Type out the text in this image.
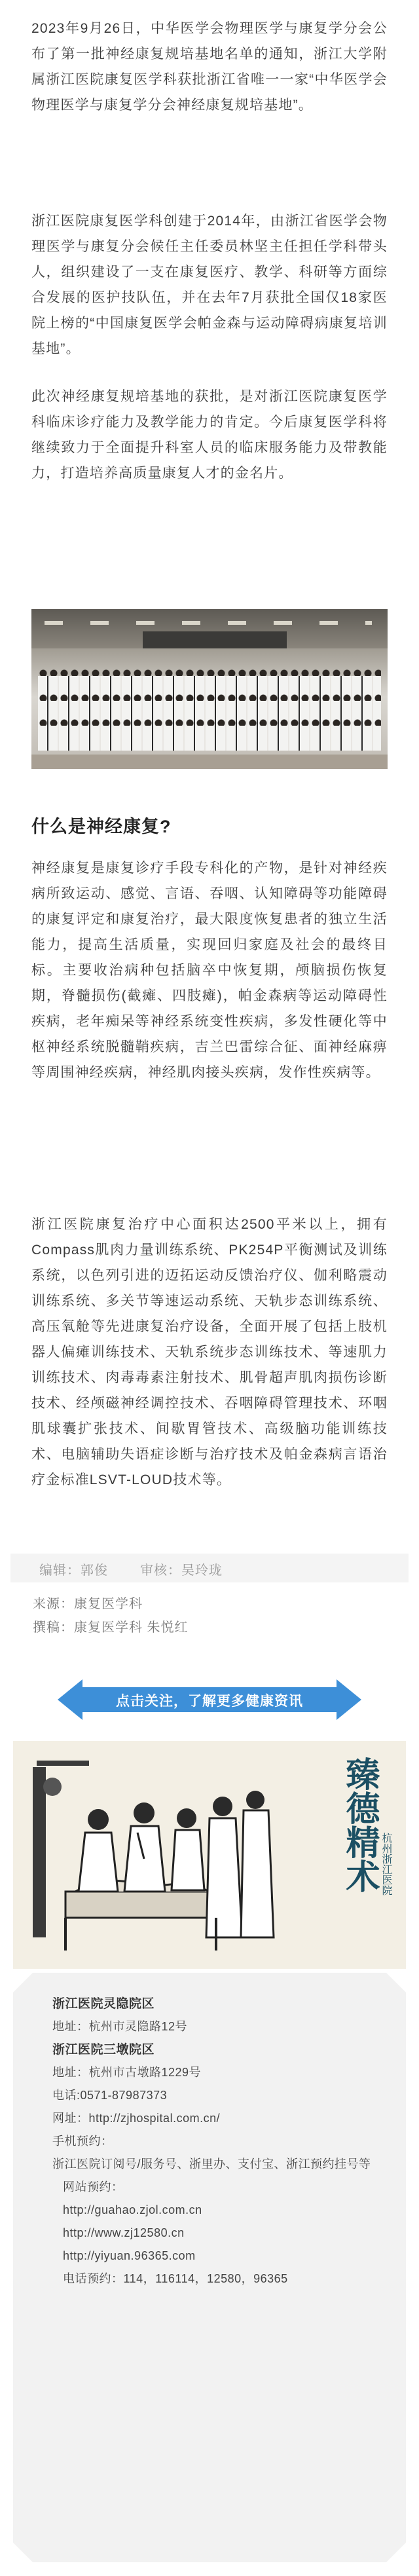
2023年9月26日，中华医学会物理医学与康复学分会公布了第一批神经康复规培基地名单的通知，浙江大学附属浙江医院康复医学科获批浙江省唯一一家“中华医学会物理医学与康复学分会神经康复规培基地”。

浙江医院康复医学科创建于2014年，由浙江省医学会物理医学与康复分会候任主任委员林坚主任担任学科带头人，组织建设了一支在康复医疗、教学、科研等方面综合发展的医护技队伍，并在去年7月获批全国仅18家医院上榜的“中国康复医学会帕金森与运动障碍病康复培训基地”。

此次神经康复规培基地的获批，是对浙江医院康复医学科临床诊疗能力及教学能力的肯定。今后康复医学科将继续致力于全面提升科室人员的临床服务能力及带教能力，打造培养高质量康复人才的金名片。

什么是神经康复?

神经康复是康复诊疗手段专科化的产物，是针对神经疾病所致运动、感觉、言语、吞咽、认知障碍等功能障碍的康复评定和康复治疗，最大限度恢复患者的独立生活能力，提高生活质量，实现回归家庭及社会的最终目标。主要收治病种包括脑卒中恢复期，颅脑损伤恢复期，脊髓损伤(截瘫、四肢瘫)，帕金森病等运动障碍性疾病，老年痴呆等神经系统变性疾病，多发性硬化等中枢神经系统脱髓鞘疾病，吉兰巴雷综合征、面神经麻痹等周围神经疾病，神经肌肉接头疾病，发作性疾病等。

浙江医院康复治疗中心面积达2500平米以上，拥有Compass肌肉力量训练系统、PK254P平衡测试及训练系统，以色列引进的迈拓运动反馈治疗仪、伽利略震动训练系统、多关节等速运动系统、天轨步态训练系统、高压氧舱等先进康复治疗设备，全面开展了包括上肢机器人偏瘫训练技术、天轨系统步态训练技术、等速肌力训练技术、肉毒毒素注射技术、肌骨超声肌肉损伤诊断技术、经颅磁神经调控技术、吞咽障碍管理技术、环咽肌球囊扩张技术、间歇胃管技术、高级脑功能训练技术、电脑辅助失语症诊断与治疗技术及帕金森病言语治疗金标准LSVT-LOUD技术等。

编辑：郭俊 审核：吴玲珑

来源：康复医学科

撰稿：康复医学科 朱悦红

点击关注，了解更多健康资讯
臻德精术 杭州浙江医院

浙江医院灵隐院区

地址：杭州市灵隐路12号

浙江医院三墩院区

地址：杭州市古墩路1229号

电话:0571-87987373

网址：http://zjhospital.com.cn/

手机预约：

浙江医院订阅号/服务号、浙里办、支付宝、浙江预约挂号等

网站预约：

http://guahao.zjol.com.cn

http://www.zj12580.cn

http://yiyuan.96365.com

电话预约：114，116114，12580，96365
